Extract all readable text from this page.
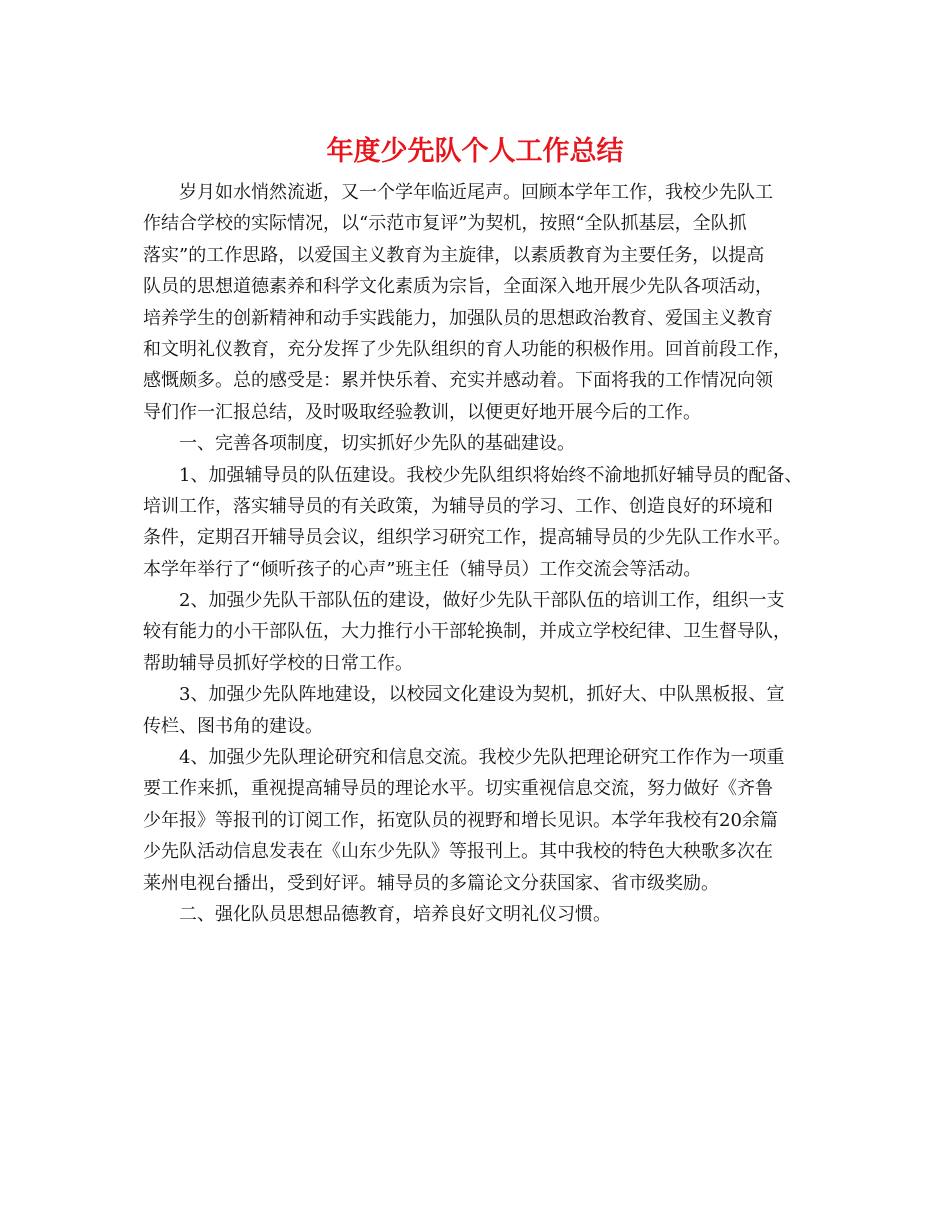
年度少先队个人工作总结
岁月如水悄然流逝，又一个学年临近尾声。回顾本学年工作，我校少先队工
作结合学校的实际情况，以“示范市复评”为契机，按照“全队抓基层，全队抓
落实”的工作思路，以爱国主义教育为主旋律，以素质教育为主要任务，以提高
队员的思想道德素养和科学文化素质为宗旨，全面深入地开展少先队各项活动，
培养学生的创新精神和动手实践能力，加强队员的思想政治教育、爱国主义教育
和文明礼仪教育，充分发挥了少先队组织的育人功能的积极作用。回首前段工作，
感慨颇多。总的感受是：累并快乐着、充实并感动着。下面将我的工作情况向领
导们作一汇报总结，及时吸取经验教训，以便更好地开展今后的工作。
一、完善各项制度，切实抓好少先队的基础建设。
1、加强辅导员的队伍建设。我校少先队组织将始终不渝地抓好辅导员的配备、
培训工作，落实辅导员的有关政策，为辅导员的学习、工作、创造良好的环境和
条件，定期召开辅导员会议，组织学习研究工作，提高辅导员的少先队工作水平。
本学年举行了“倾听孩子的心声”班主任（辅导员）工作交流会等活动。
2、加强少先队干部队伍的建设，做好少先队干部队伍的培训工作，组织一支
较有能力的小干部队伍，大力推行小干部轮换制，并成立学校纪律、卫生督导队，
帮助辅导员抓好学校的日常工作。
3、加强少先队阵地建设，以校园文化建设为契机，抓好大、中队黑板报、宣
传栏、图书角的建设。
4、加强少先队理论研究和信息交流。我校少先队把理论研究工作作为一项重
要工作来抓，重视提高辅导员的理论水平。切实重视信息交流，努力做好《齐鲁
少年报》等报刊的订阅工作，拓宽队员的视野和增长见识。本学年我校有20余篇
少先队活动信息发表在《山东少先队》等报刊上。其中我校的特色大秧歌多次在
莱州电视台播出，受到好评。辅导员的多篇论文分获国家、省市级奖励。
二、强化队员思想品德教育，培养良好文明礼仪习惯。
